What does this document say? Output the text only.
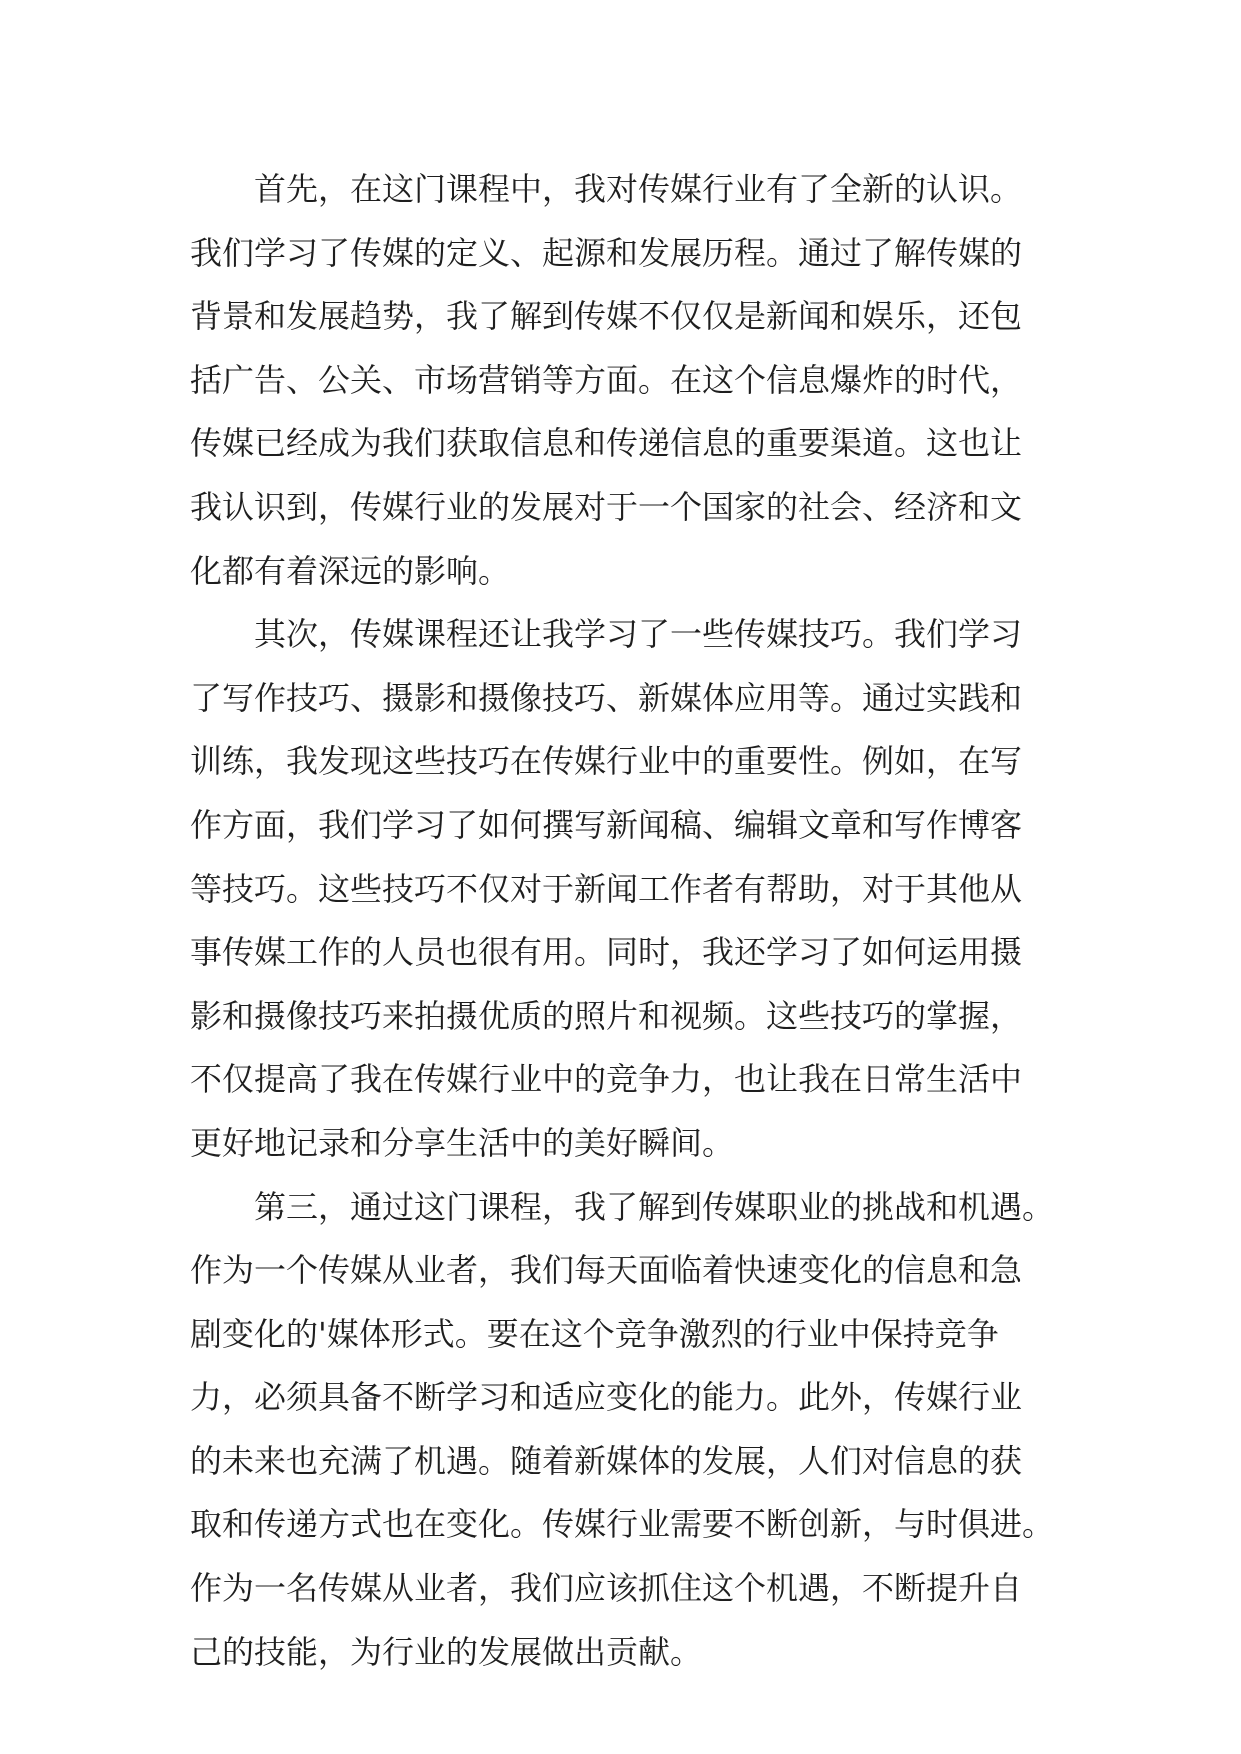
首先，在这门课程中，我对传媒行业有了全新的认识。
我们学习了传媒的定义、起源和发展历程。通过了解传媒的
背景和发展趋势，我了解到传媒不仅仅是新闻和娱乐，还包
括广告、公关、市场营销等方面。在这个信息爆炸的时代，
传媒已经成为我们获取信息和传递信息的重要渠道。这也让
我认识到，传媒行业的发展对于一个国家的社会、经济和文
化都有着深远的影响。
其次，传媒课程还让我学习了一些传媒技巧。我们学习
了写作技巧、摄影和摄像技巧、新媒体应用等。通过实践和
训练，我发现这些技巧在传媒行业中的重要性。例如，在写
作方面，我们学习了如何撰写新闻稿、编辑文章和写作博客
等技巧。这些技巧不仅对于新闻工作者有帮助，对于其他从
事传媒工作的人员也很有用。同时，我还学习了如何运用摄
影和摄像技巧来拍摄优质的照片和视频。这些技巧的掌握，
不仅提高了我在传媒行业中的竞争力，也让我在日常生活中
更好地记录和分享生活中的美好瞬间。
第三，通过这门课程，我了解到传媒职业的挑战和机遇。
作为一个传媒从业者，我们每天面临着快速变化的信息和急
剧变化的'媒体形式。要在这个竞争激烈的行业中保持竞争
力，必须具备不断学习和适应变化的能力。此外，传媒行业
的未来也充满了机遇。随着新媒体的发展，人们对信息的获
取和传递方式也在变化。传媒行业需要不断创新，与时俱进。
作为一名传媒从业者，我们应该抓住这个机遇，不断提升自
己的技能，为行业的发展做出贡献。
